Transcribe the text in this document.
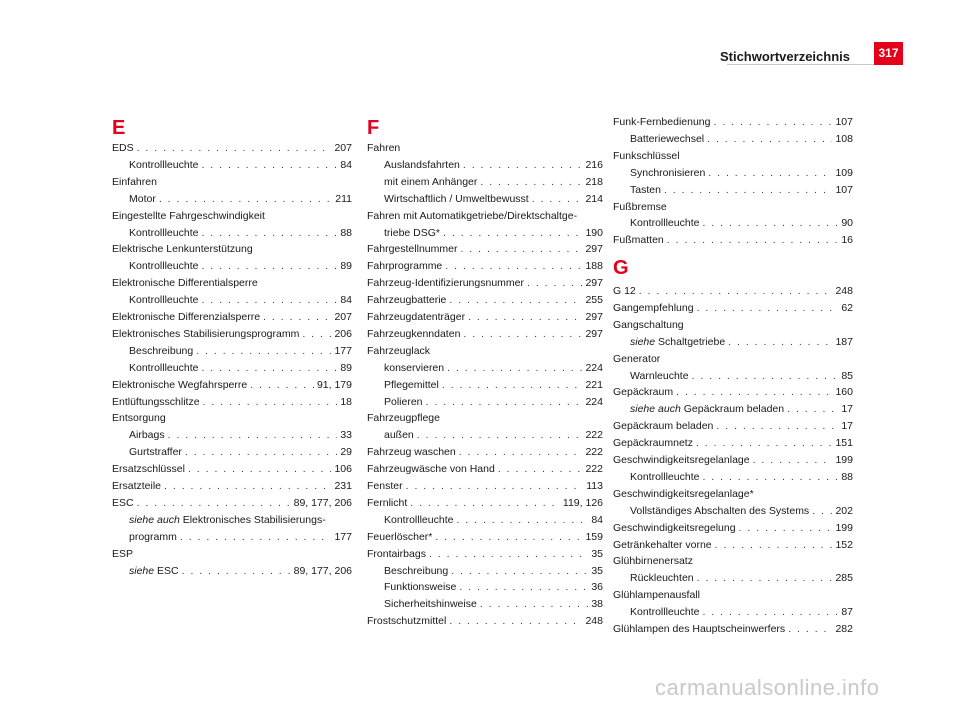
Stichwortverzeichnis	317
E
EDS . . .	207
Kontrollleuchte . . .	84
Einfahren
Motor . . .	211
Eingestellte Fahrgeschwindigkeit
Kontrollleuchte . . .	88
Elektrische Lenkunterstützung
Kontrollleuchte . . .	89
Elektronische Differentialsperre
Kontrollleuchte . . .	84
Elektronische Differenzialsperre . . .	207
Elektronisches Stabilisierungsprogramm . . .	206
Beschreibung . . .	177
Kontrollleuchte . . .	89
Elektronische Wegfahrsperre . . .	91, 179
Entlüftungsschlitze . . .	18
Entsorgung
Airbags . . .	33
Gurtstraffer . . .	29
Ersatzschlüssel . . .	106
Ersatzteile . . .	231
ESC . . .	89, 177, 206
siehe auch Elektronisches Stabilisierungs-
programm . . .	177
ESP
siehe ESC . . .	89, 177, 206
F
Fahren
Auslandsfahrten . . .	216
mit einem Anhänger . . .	218
Wirtschaftlich / Umweltbewusst . . .	214
Fahren mit Automatikgetriebe/Direktschaltge-
triebe DSG* . . .	190
Fahrgestellnummer . . .	297
Fahrprogramme . . .	188
Fahrzeug-Identifizierungsnummer . . .	297
Fahrzeugbatterie . . .	255
Fahrzeugdatenträger . . .	297
Fahrzeugkenndaten . . .	297
Fahrzeuglack
konservieren . . .	224
Pflegemittel . . .	221
Polieren . . .	224
Fahrzeugpflege
außen . . .	222
Fahrzeug waschen . . .	222
Fahrzeugwäsche von Hand . . .	222
Fenster . . .	113
Fernlicht . . .	119, 126
Kontrollleuchte . . .	84
Feuerlöscher* . . .	159
Frontairbags . . .	35
Beschreibung . . .	35
Funktionsweise . . .	36
Sicherheitshinweise . . .	38
Frostschutzmittel . . .	248
Funk-Fernbedienung . . .	107
Batteriewechsel . . .	108
Funkschlüssel
Synchronisieren . . .	109
Tasten . . .	107
Fußbremse
Kontrollleuchte . . .	90
Fußmatten . . .	16
G
G 12 . . .	248
Gangempfehlung . . .	62
Gangschaltung
siehe Schaltgetriebe . . .	187
Generator
Warnleuchte . . .	85
Gepäckraum . . .	160
siehe auch Gepäckraum beladen . . .	17
Gepäckraum beladen . . .	17
Gepäckraumnetz . . .	151
Geschwindigkeitsregelanlage . . .	199
Kontrollleuchte . . .	88
Geschwindigkeitsregelanlage*
Vollständiges Abschalten des Systems . . .	202
Geschwindigkeitsregelung . . .	199
Getränkehalter vorne . . .	152
Glühbirnenersatz
Rückleuchten . . .	285
Glühlampenausfall
Kontrollleuchte . . .	87
Glühlampen des Hauptscheinwerfers . . .	282
carmanualsonline.info
